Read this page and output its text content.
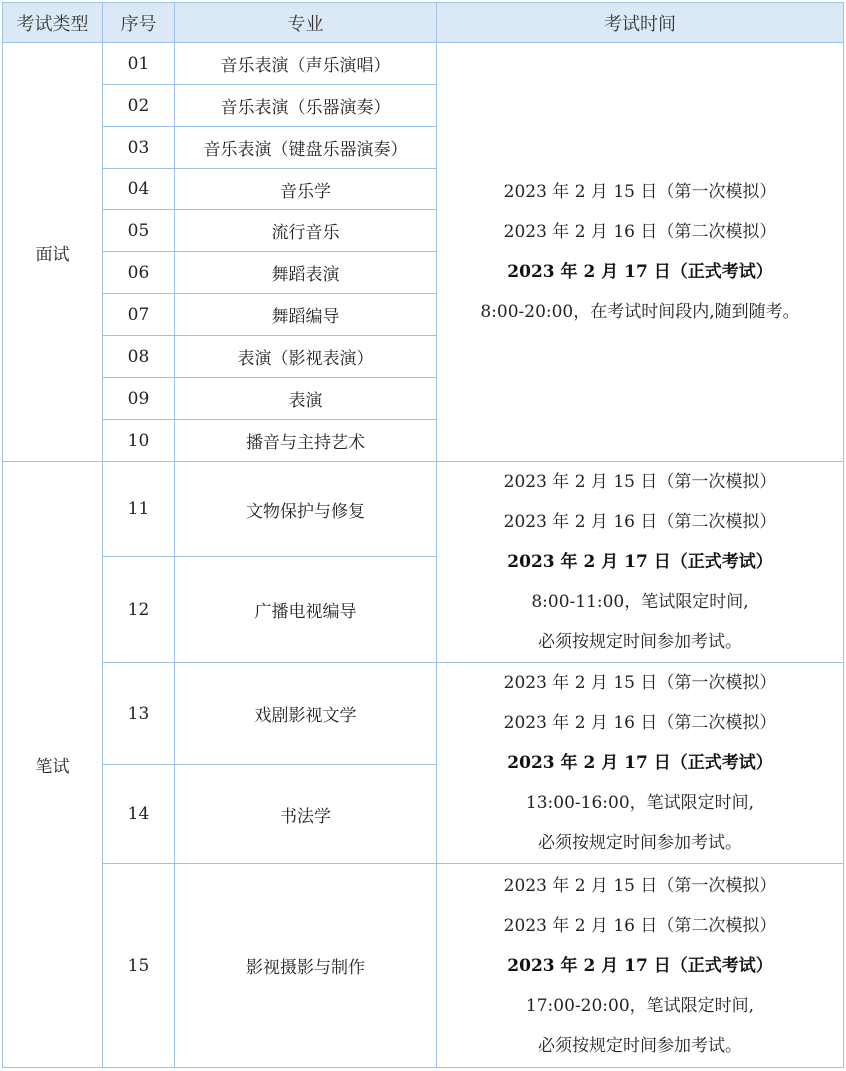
考试类型	序号	专业	考试时间
面试	01	音乐表演（声乐演唱）	2023 年 2 月 15 日（第一次模拟）
2023 年 2 月 16 日（第二次模拟）
2023 年 2 月 17 日（正式考试）
8:00-20:00，在考试时间段内,随到随考。

	02	音乐表演（乐器演奏）	
	03	音乐表演（键盘乐器演奏）	
	04	音乐学	
	05	流行音乐	
	06	舞蹈表演	
	07	舞蹈编导	
	08	表演（影视表演）	
	09	表演	
	10	播音与主持艺术	
笔试	11	文物保护与修复	2023 年 2 月 15 日（第一次模拟）
2023 年 2 月 16 日（第二次模拟）
2023 年 2 月 17 日（正式考试）
8:00-11:00，笔试限定时间,
必须按规定时间参加考试。

	12	广播电视编导	
	13	戏剧影视文学	2023 年 2 月 15 日（第一次模拟）
2023 年 2 月 16 日（第二次模拟）
2023 年 2 月 17 日（正式考试）
13:00-16:00，笔试限定时间,
必须按规定时间参加考试。

	14	书法学	
	15	影视摄影与制作	2023 年 2 月 15 日（第一次模拟）
2023 年 2 月 16 日（第二次模拟）
2023 年 2 月 17 日（正式考试）
17:00-20:00，笔试限定时间,
必须按规定时间参加考试。
